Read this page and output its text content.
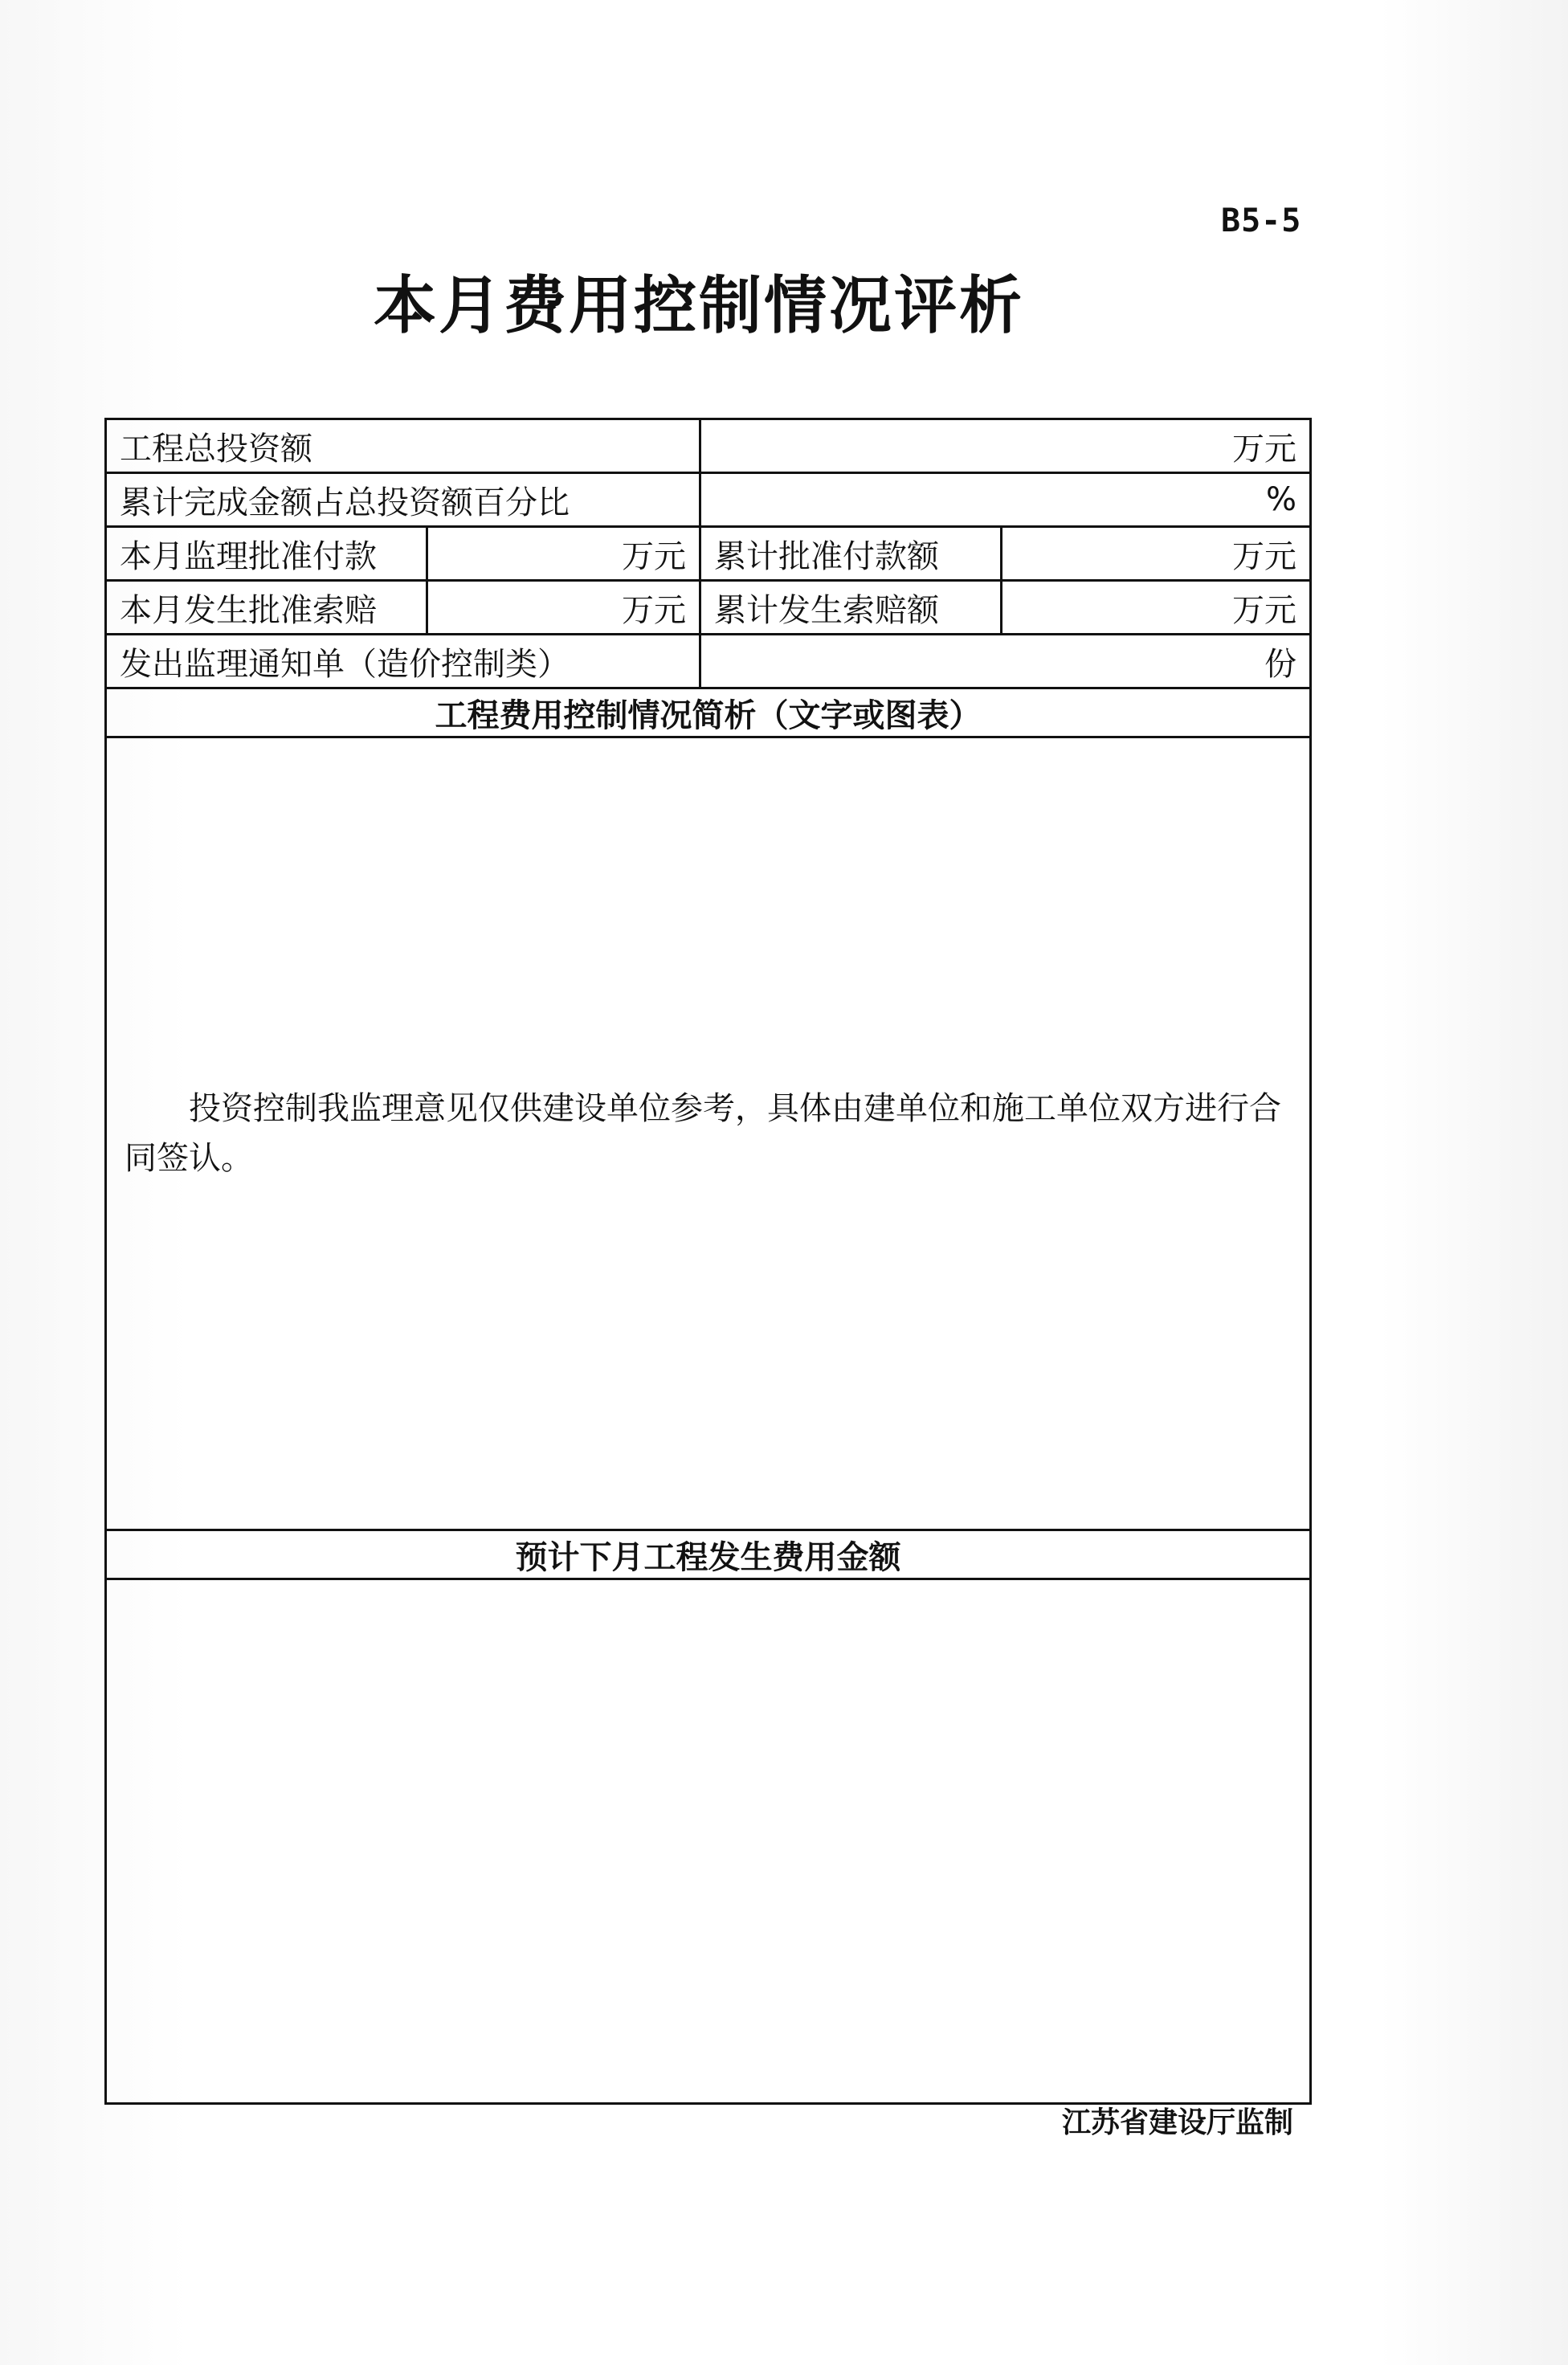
B5-5
本月费用控制情况评析
工程总投资额		万元	
累计完成金额占总投资额百分比		%	
本月监理批准付款	万元	累计批准付款额	万元
本月发生批准索赔	万元	累计发生索赔额	万元
发出监理通知单（造价控制类）		份	
工程费用控制情况简析（文字或图表）			

投资控制我监理意见仅供建设单位参考，具体由建单位和施工单位双方进行合同签认。			

预计下月工程发生费用金额			

江苏省建设厅监制
